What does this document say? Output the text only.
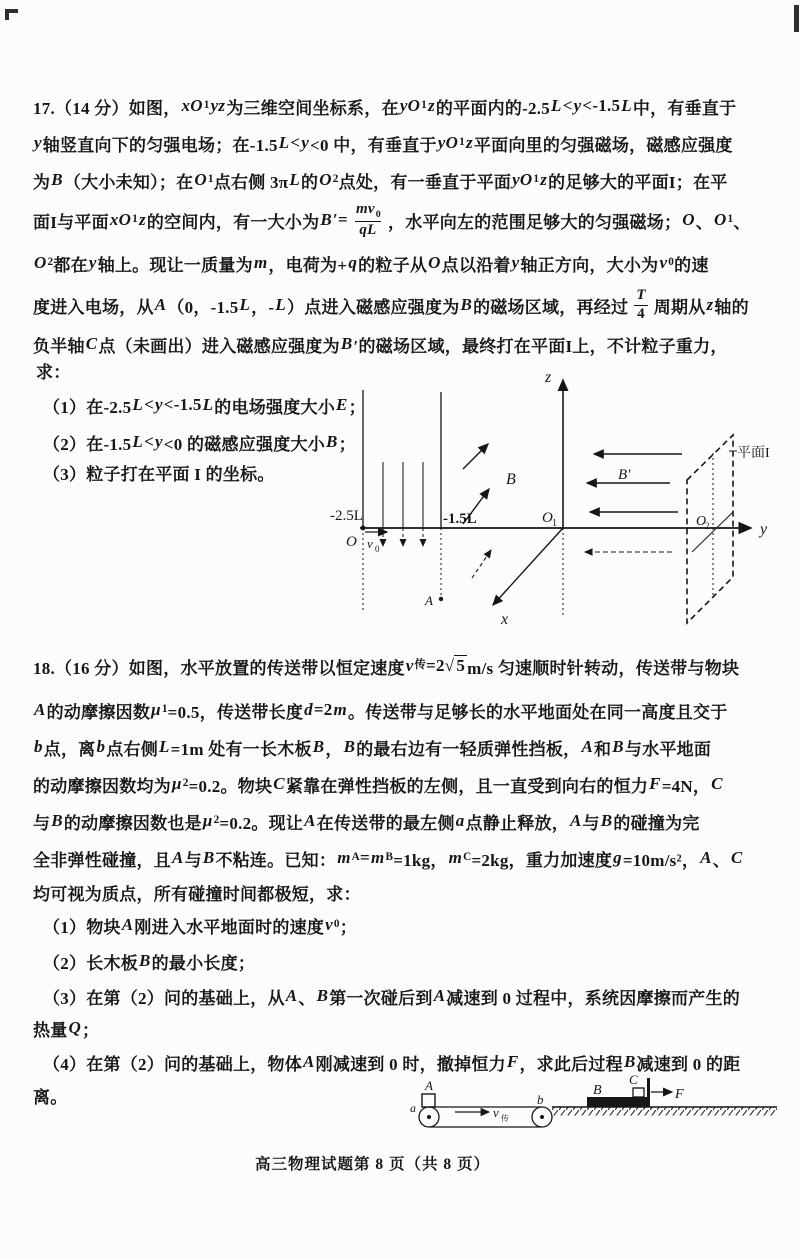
17.（14 分）如图， xO 1 yz 为三维空间坐标系，在 yO 1 z 的平面内的-2.5 L < y <-1.5 L 中，有垂直于
y 轴竖直向下的匀强电场；在-1.5 L < y <0 中，有垂直于 yO 1 z 平面向里的匀强磁场，磁感应强度
为 B （大小未知）；在 O 1 点右侧 3π L 的 O 2 点处，有一垂直于平面 yO 1 z 的足够大的平面I；在平
面I与平面 xO 1 z 的空间内，有一大小为 B ′= $\frac{mv_0}{qL}$ ，水平向左的范围足够大的匀强磁场； O 、 O 1 、
O 2 都在 y 轴上。现让一质量为 m ，电荷为+ q 的粒子从 O 点以沿着 y 轴正方向，大小为 v 0 的速
度进入电场，从 A （0，-1.5 L ，- L ）点进入磁感应强度为 B 的磁场区域，再经过 $\frac{T}{4}$ 周期从 z 轴的
负半轴 C 点（未画出）进入磁感应强度为 B ′的磁场区域，最终打在平面I上，不计粒子重力，
求：
（1）在-2.5 L < y <-1.5 L 的电场强度大小 E ；
（2）在-1.5 L < y <0 的磁感应强度大小 B ；
（3）粒子打在平面 I 的坐标。
z
y
x
O
-2.5L	-1.5L	O 1	O
2
B	B′
v 0
A
平面I
18.（16 分）如图，水平放置的传送带以恒定速度 v 传 =2 √ 5 m/s 匀速顺时针转动，传送带与物块
A 的动摩擦因数 μ 1 =0.5，传送带长度 d =2 m 。传送带与足够长的水平地面处在同一高度且交于
b 点，离 b 点右侧 L =1m 处有一长木板 B ， B 的最右边有一轻质弹性挡板， A 和 B 与水平地面
的动摩擦因数均为 μ 2 =0.2。物块 C 紧靠在弹性挡板的左侧，且一直受到向右的恒力 F =4N， C
与 B 的动摩擦因数也是 μ 2 =0.2。现让 A 在传送带的最左侧 a 点静止释放， A 与 B 的碰撞为完
全非弹性碰撞，且 A 与 B 不粘连。已知： m A = m B =1kg， m C =2kg，重力加速度 g =10m/s²， A 、 C
均可视为质点，所有碰撞时间都极短，求：
（1）物块 A 刚进入水平地面时的速度 v 0 ；
（2）长木板 B 的最小长度；
（3）在第（2）问的基础上，从 A 、 B 第一次碰后到 A 减速到 0 过程中，系统因摩擦而产生的
热量 Q ；
（4）在第（2）问的基础上，物体 A 刚减速到 0 时，撤掉恒力 F ，求此后过程 B 减速到 0 的距
离。
A
a	v 传
b
B
C
F
高三物理试题第 8 页（共 8 页）
